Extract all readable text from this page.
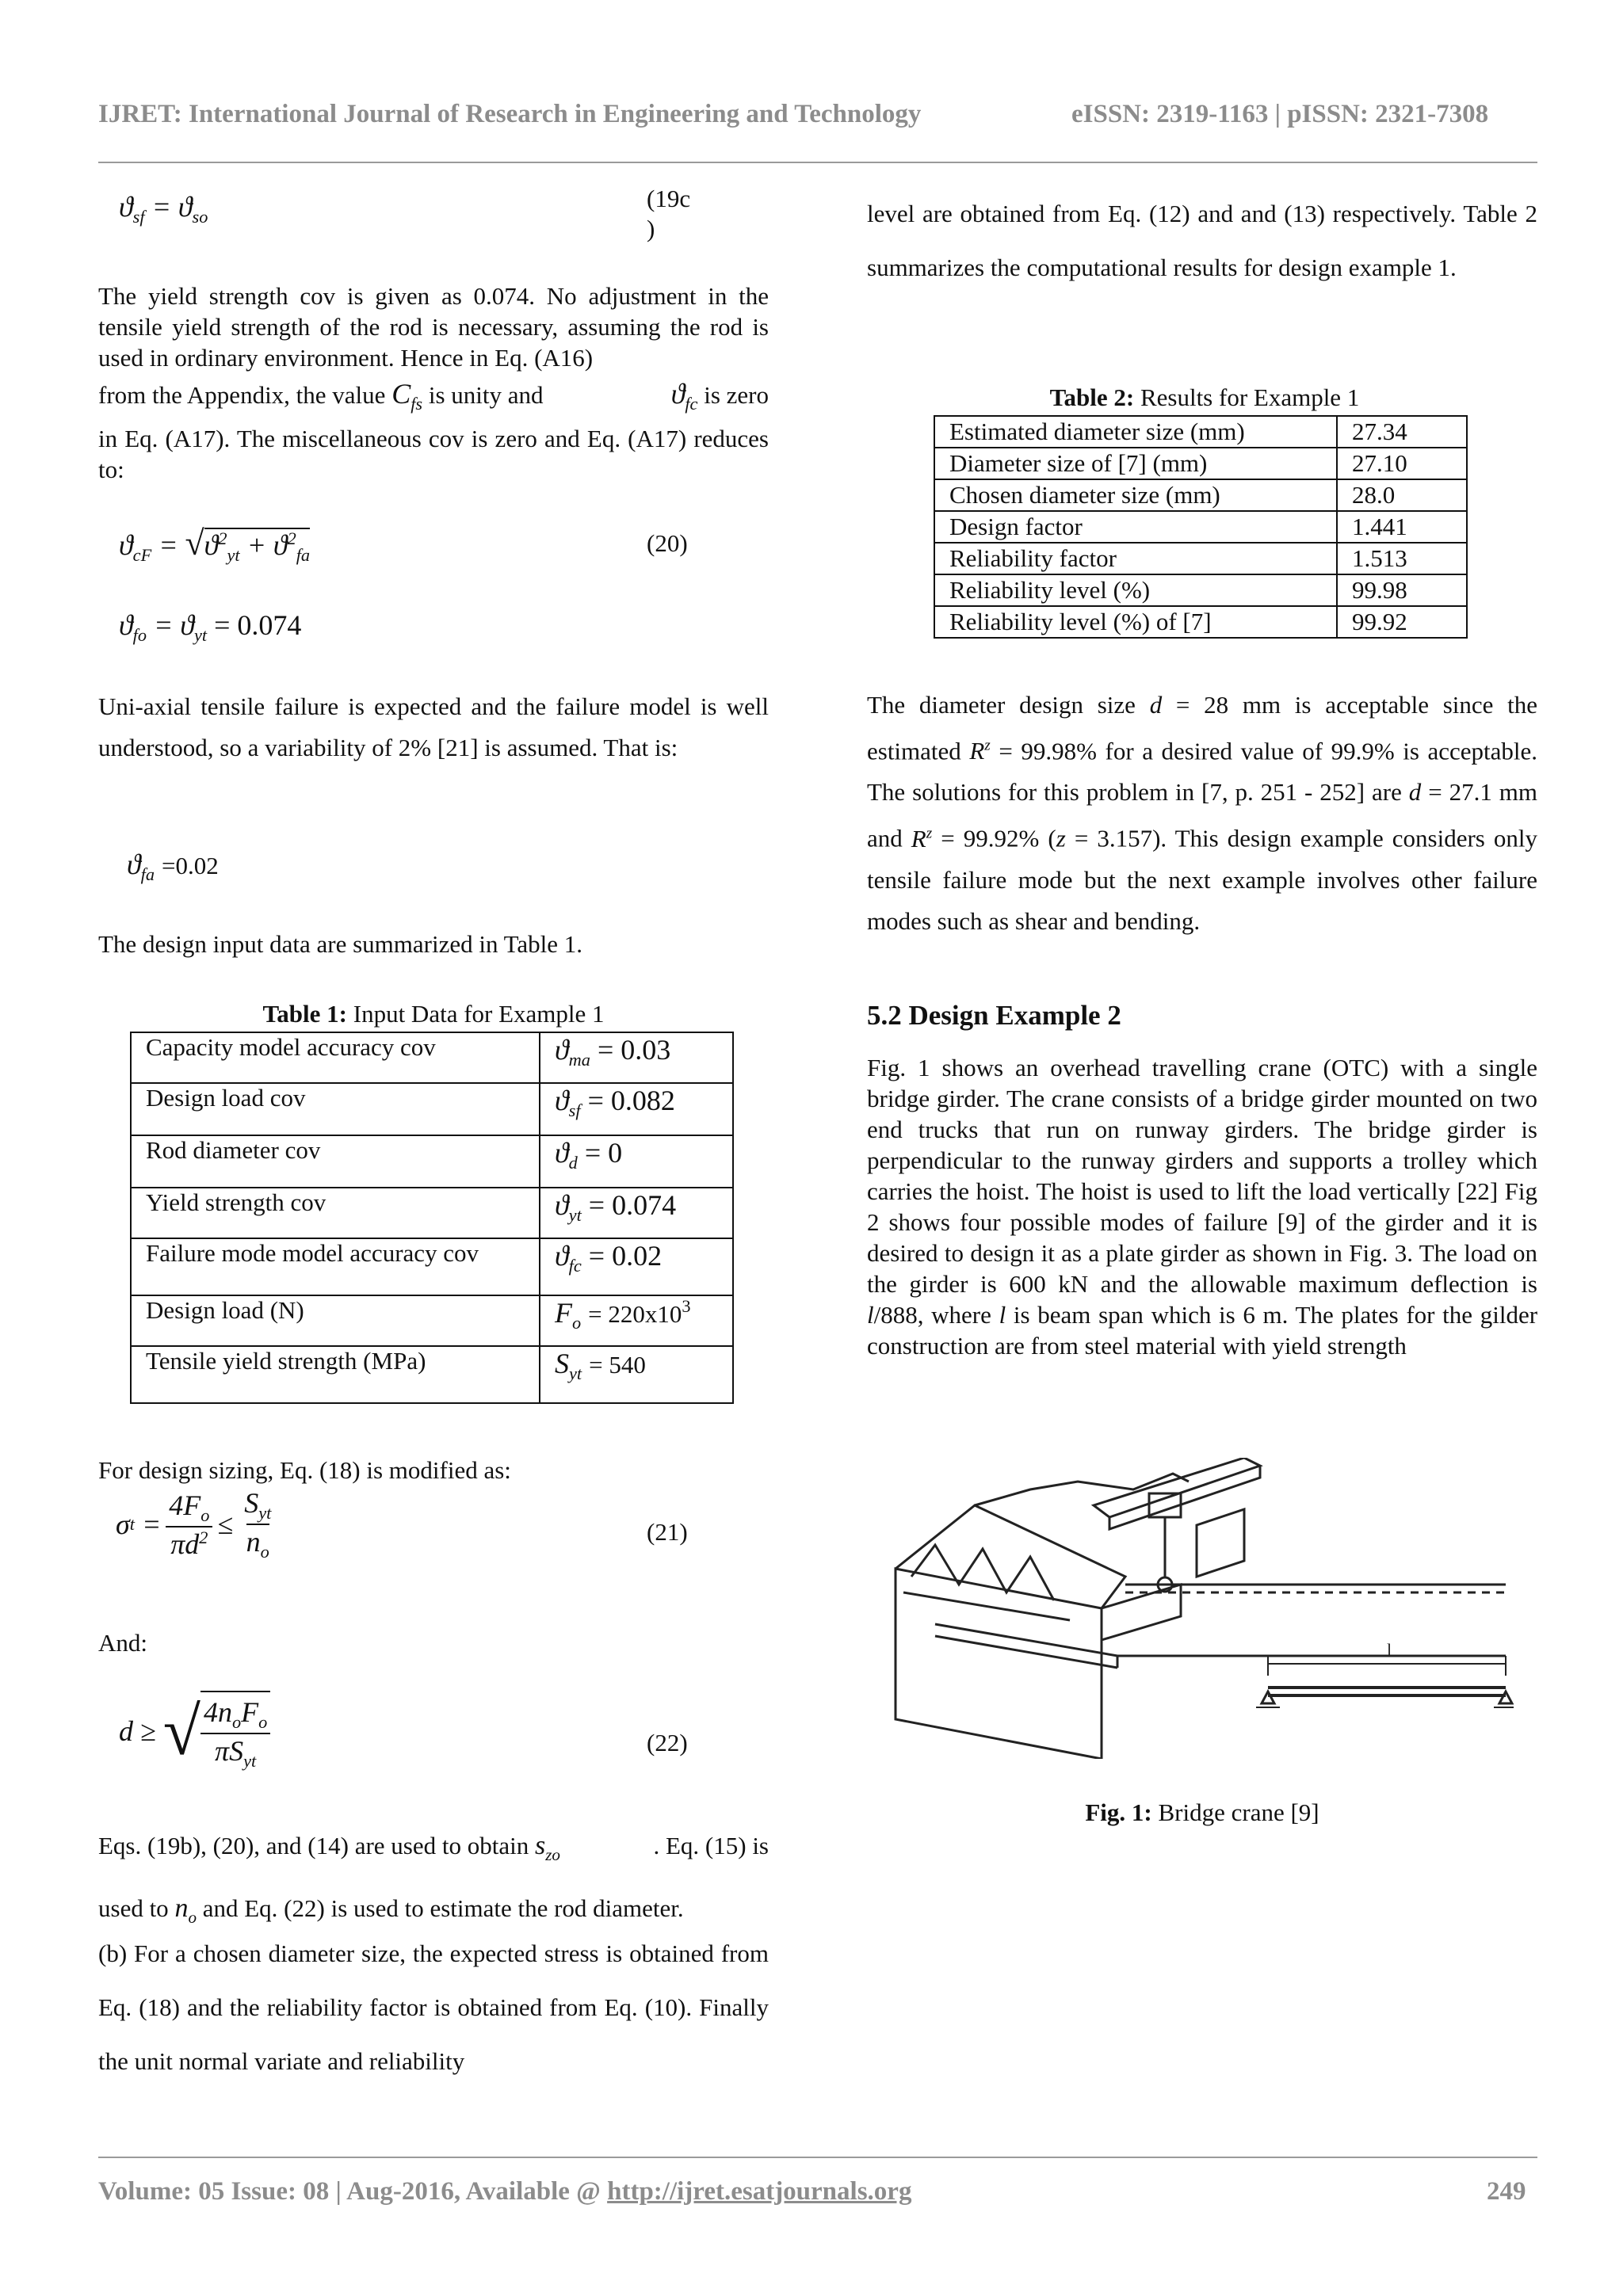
IJRET: International Journal of Research in Engineering and Technology	eISSN: 2319-1163 | pISSN: 2321-7308
$ϑ_{sf} = ϑ_{so}$
(19c
)
The yield strength cov is given as 0.074. No adjustment in the tensile yield strength of the rod is necessary, assuming the rod is used in ordinary environment. Hence in Eq. (A16)
from the Appendix, the value $C_{fs}$ is unity and	$ϑ_{fc}$ is zero
in Eq. (A17). The miscellaneous cov is zero and Eq. (A17) reduces to:
$ϑ_{cF} = √ϑ^2_{yt} + ϑ^2_{fa}$	(20)
$ϑ_{fo} = ϑ_{yt} = 0.074$
Uni-axial tensile failure is expected and the failure model is well understood, so a variability of 2% [21] is assumed. That is:
$ϑ_{fa} =0.02$
The design input data are summarized in Table 1.
Table 1: Input Data for Example 1
Capacity model accuracy cov	$ϑ_{ma} = 0.03$
Design load cov	$ϑ_{sf} = 0.082$
Rod diameter cov	$ϑ_d = 0$
Yield strength cov	$ϑ_{yt} = 0.074$
Failure mode model accuracy cov	$ϑ_{fc} = 0.02$
Design load (N)	$F_o = 220x10^3$
Tensile yield strength (MPa)	$S_{yt} = 540$
For design sizing, Eq. (18) is modified as:
σ $t = \frac{4F_o}{\pi d^2} \le \frac{S_{yt}}{n_o}$	(21)
And:
d ≥ √ $\frac{4n_oF_o}{\pi S_{yt}}$	(22)
Eqs. (19b), (20), and (14) are used to obtain $s_{zo}$	. Eq. (15) is
used to $n_o$ and Eq. (22) is used to estimate the rod diameter.
(b) For a chosen diameter size, the expected stress is obtained from Eq. (18) and the reliability factor is obtained from Eq. (10). Finally the unit normal variate and reliability
level are obtained from Eq. (12) and and (13) respectively. Table 2 summarizes the computational results for design example 1.
Table 2: Results for Example 1
Estimated diameter size (mm)	27.34
Diameter size of [7] (mm)	27.10
Chosen diameter size (mm)	28.0
Design factor	1.441
Reliability factor	1.513
Reliability level (%)	99.98
Reliability level (%) of [7]	99.92
The diameter design size d = 28 mm is acceptable since the estimated $R^z = 99.98\%$ for a desired value of 99.9% is acceptable. The solutions for this problem in [7, p. 251 - 252] are d = 27.1 mm and $R^z = 99.92\%$ (z = 3.157). This design example considers only tensile failure mode but the next example involves other failure modes such as shear and bending.
5.2 Design Example 2
Fig. 1 shows an overhead travelling crane (OTC) with a single bridge girder. The crane consists of a bridge girder mounted on two end trucks that run on runway girders. The bridge girder is perpendicular to the runway girders and supports a trolley which carries the hoist. The hoist is used to lift the load vertically [22] Fig 2 shows four possible modes of failure [9] of the girder and it is desired to design it as a plate girder as shown in Fig. 3. The load on the girder is 600 kN and the allowable maximum deflection is l/888, where l is beam span which is 6 m. The plates for the gilder construction are from steel material with yield strength
l
Fig. 1: Bridge crane [9]
Volume: 05 Issue: 08 | Aug-2016, Available @ http://ijret.esatjournals.org	249
